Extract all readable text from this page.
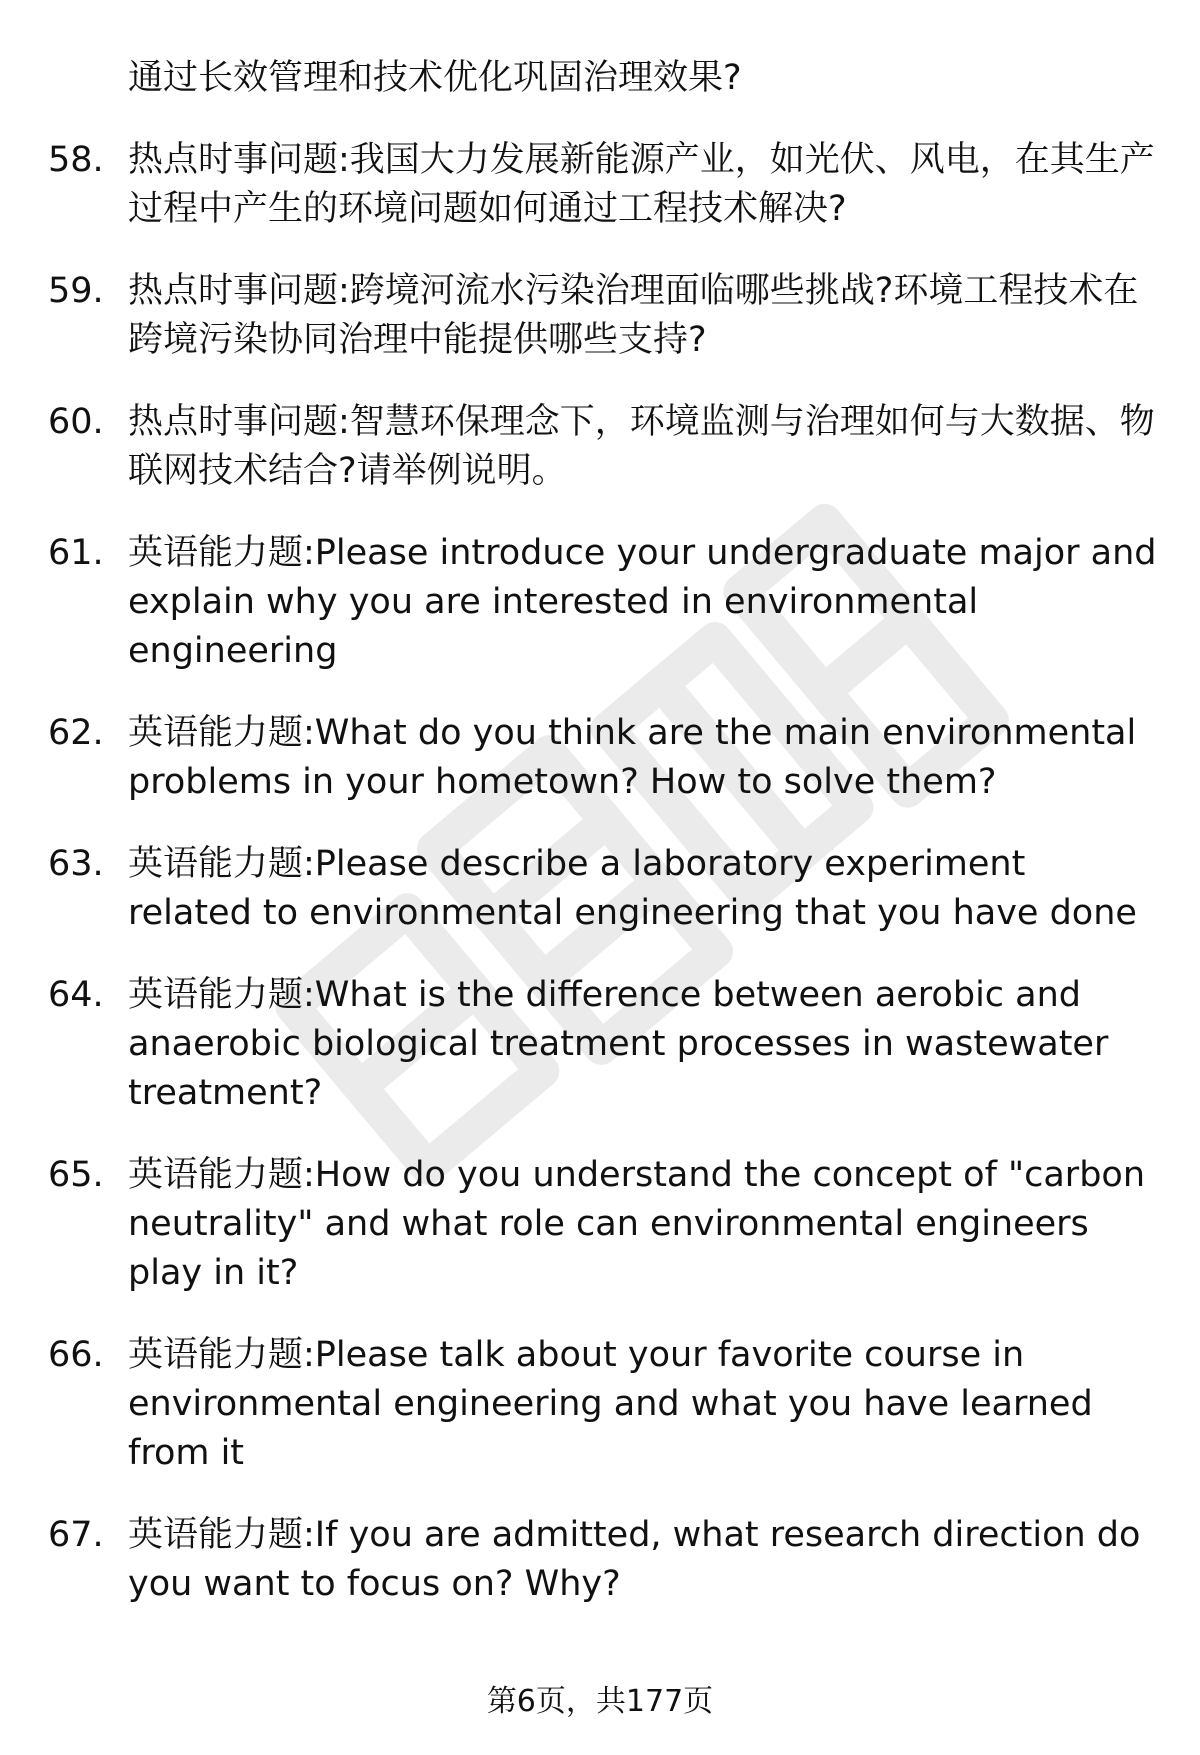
通过长效管理和技术优化巩固治理效果?
58. 热点时事问题:我国大力发展新能源产业，如光伏、风电，在其生产过程中产生的环境问题如何通过工程技术解决?
59. 热点时事问题:跨境河流水污染治理面临哪些挑战?环境工程技术在跨境污染协同治理中能提供哪些支持?
60. 热点时事问题:智慧环保理念下，环境监测与治理如何与大数据、物联网技术结合?请举例说明。
61. 英语能力题:Please introduce your undergraduate major and explain why you are interested in environmental engineering
62. 英语能力题:What do you think are the main environmental problems in your hometown? How to solve them?
63. 英语能力题:Please describe a laboratory experiment related to environmental engineering that you have done
64. 英语能力题:What is the difference between aerobic and anaerobic biological treatment processes in wastewater treatment?
65. 英语能力题:How do you understand the concept of "carbon neutrality" and what role can environmental engineers play in it?
66. 英语能力题:Please talk about your favorite course in environmental engineering and what you have learned from it
67. 英语能力题:If you are admitted, what research direction do you want to focus on? Why?
第6页，共177页
